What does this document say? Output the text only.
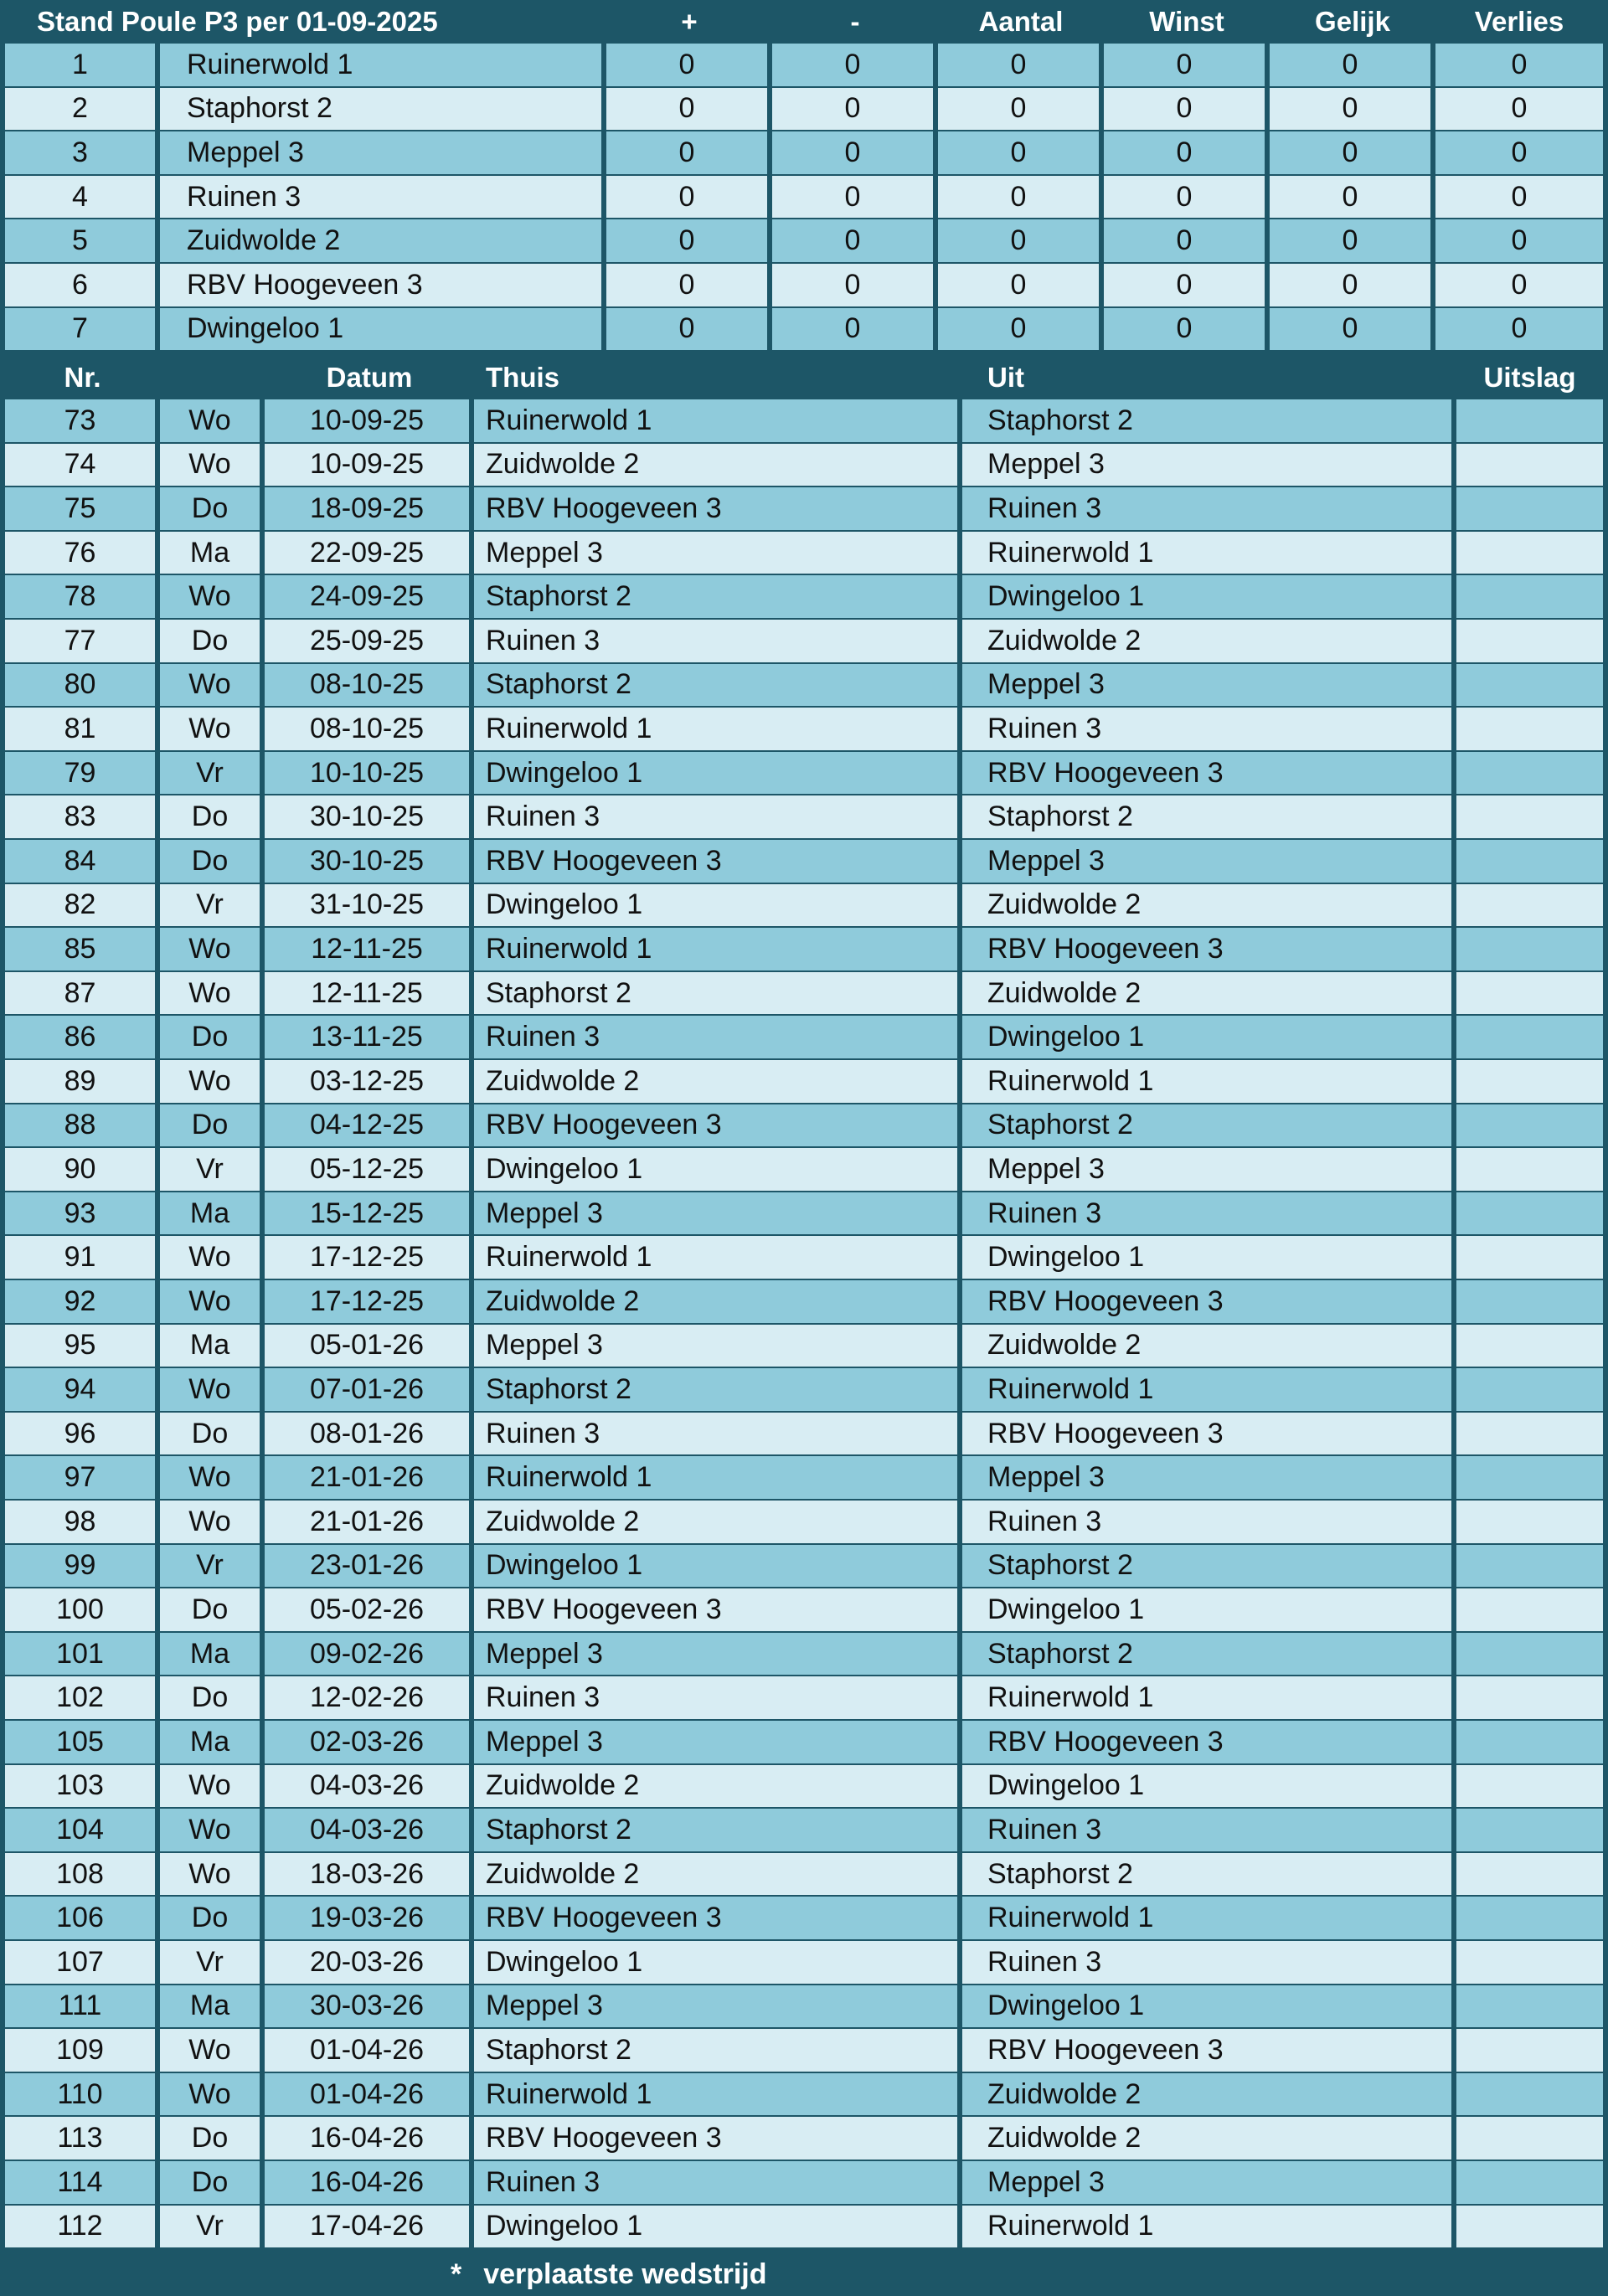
Stand Poule P3 per 01-09-2025	+	-	Aantal	Winst	Gelijk	Verlies
1	Ruinerwold 1	0	0	0	0	0	0
2	Staphorst 2	0	0	0	0	0	0
3	Meppel 3	0	0	0	0	0	0
4	Ruinen 3	0	0	0	0	0	0
5	Zuidwolde 2	0	0	0	0	0	0
6	RBV Hoogeveen 3	0	0	0	0	0	0
7	Dwingeloo 1	0	0	0	0	0	0
Nr.	Datum	Thuis	Uit	Uitslag
73	Wo	10-09-25	Ruinerwold 1	Staphorst 2
74	Wo	10-09-25	Zuidwolde 2	Meppel 3
75	Do	18-09-25	RBV Hoogeveen 3	Ruinen 3
76	Ma	22-09-25	Meppel 3	Ruinerwold 1
78	Wo	24-09-25	Staphorst 2	Dwingeloo 1
77	Do	25-09-25	Ruinen 3	Zuidwolde 2
80	Wo	08-10-25	Staphorst 2	Meppel 3
81	Wo	08-10-25	Ruinerwold 1	Ruinen 3
79	Vr	10-10-25	Dwingeloo 1	RBV Hoogeveen 3
83	Do	30-10-25	Ruinen 3	Staphorst 2
84	Do	30-10-25	RBV Hoogeveen 3	Meppel 3
82	Vr	31-10-25	Dwingeloo 1	Zuidwolde 2
85	Wo	12-11-25	Ruinerwold 1	RBV Hoogeveen 3
87	Wo	12-11-25	Staphorst 2	Zuidwolde 2
86	Do	13-11-25	Ruinen 3	Dwingeloo 1
89	Wo	03-12-25	Zuidwolde 2	Ruinerwold 1
88	Do	04-12-25	RBV Hoogeveen 3	Staphorst 2
90	Vr	05-12-25	Dwingeloo 1	Meppel 3
93	Ma	15-12-25	Meppel 3	Ruinen 3
91	Wo	17-12-25	Ruinerwold 1	Dwingeloo 1
92	Wo	17-12-25	Zuidwolde 2	RBV Hoogeveen 3
95	Ma	05-01-26	Meppel 3	Zuidwolde 2
94	Wo	07-01-26	Staphorst 2	Ruinerwold 1
96	Do	08-01-26	Ruinen 3	RBV Hoogeveen 3
97	Wo	21-01-26	Ruinerwold 1	Meppel 3
98	Wo	21-01-26	Zuidwolde 2	Ruinen 3
99	Vr	23-01-26	Dwingeloo 1	Staphorst 2
100	Do	05-02-26	RBV Hoogeveen 3	Dwingeloo 1
101	Ma	09-02-26	Meppel 3	Staphorst 2
102	Do	12-02-26	Ruinen 3	Ruinerwold 1
105	Ma	02-03-26	Meppel 3	RBV Hoogeveen 3
103	Wo	04-03-26	Zuidwolde 2	Dwingeloo 1
104	Wo	04-03-26	Staphorst 2	Ruinen 3
108	Wo	18-03-26	Zuidwolde 2	Staphorst 2
106	Do	19-03-26	RBV Hoogeveen 3	Ruinerwold 1
107	Vr	20-03-26	Dwingeloo 1	Ruinen 3
111	Ma	30-03-26	Meppel 3	Dwingeloo 1
109	Wo	01-04-26	Staphorst 2	RBV Hoogeveen 3
110	Wo	01-04-26	Ruinerwold 1	Zuidwolde 2
113	Do	16-04-26	RBV Hoogeveen 3	Zuidwolde 2
114	Do	16-04-26	Ruinen 3	Meppel 3
112	Vr	17-04-26	Dwingeloo 1	Ruinerwold 1
* verplaatste wedstrijd
